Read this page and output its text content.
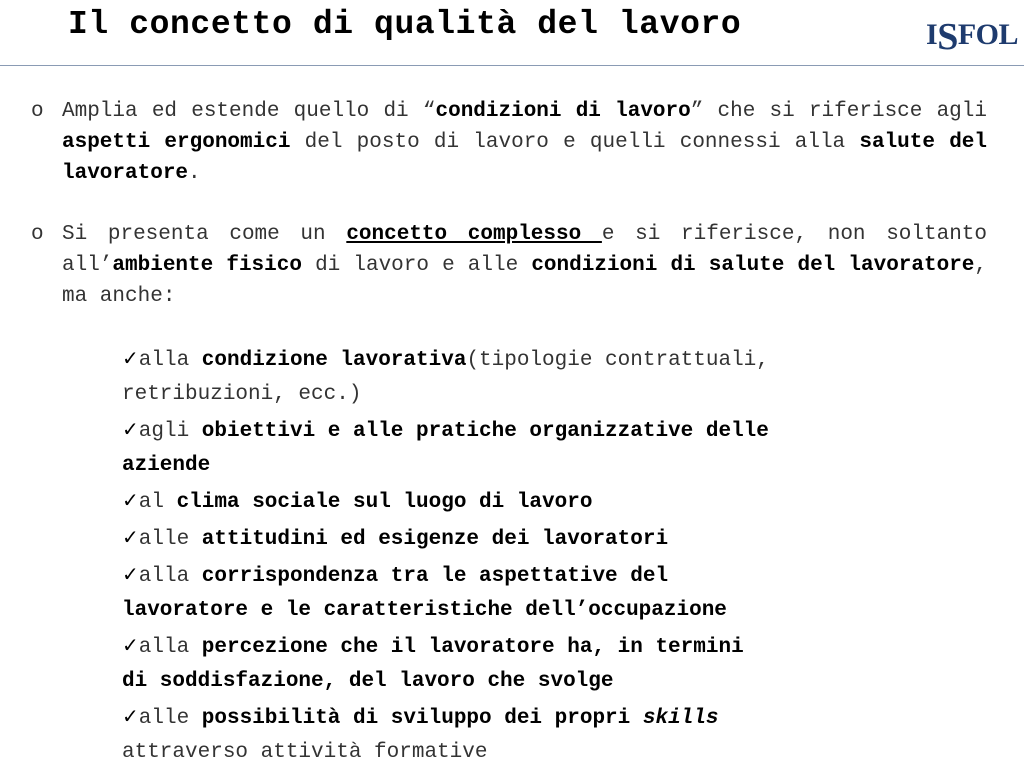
Il concetto di qualità del lavoro	ISFOL
o Amplia ed estende quello di “condizioni di lavoro” che si riferisce agli aspetti ergonomici del posto di lavoro e quelli connessi alla salute del lavoratore.
o Si presenta come un concetto complesso e si riferisce, non soltanto all’ambiente fisico di lavoro e alle condizioni di salute del lavoratore, ma anche:
✓alla condizione lavorativa(tipologie contrattuali,
retribuzioni, ecc.)
✓agli obiettivi e alle pratiche organizzative delle
aziende
✓al clima sociale sul luogo di lavoro
✓alle attitudini ed esigenze dei lavoratori
✓alla corrispondenza tra le aspettative del
lavoratore e le caratteristiche dell’occupazione
✓alla percezione che il lavoratore ha, in termini
di soddisfazione, del lavoro che svolge
✓alle possibilità di sviluppo dei propri skills
attraverso attività formative
